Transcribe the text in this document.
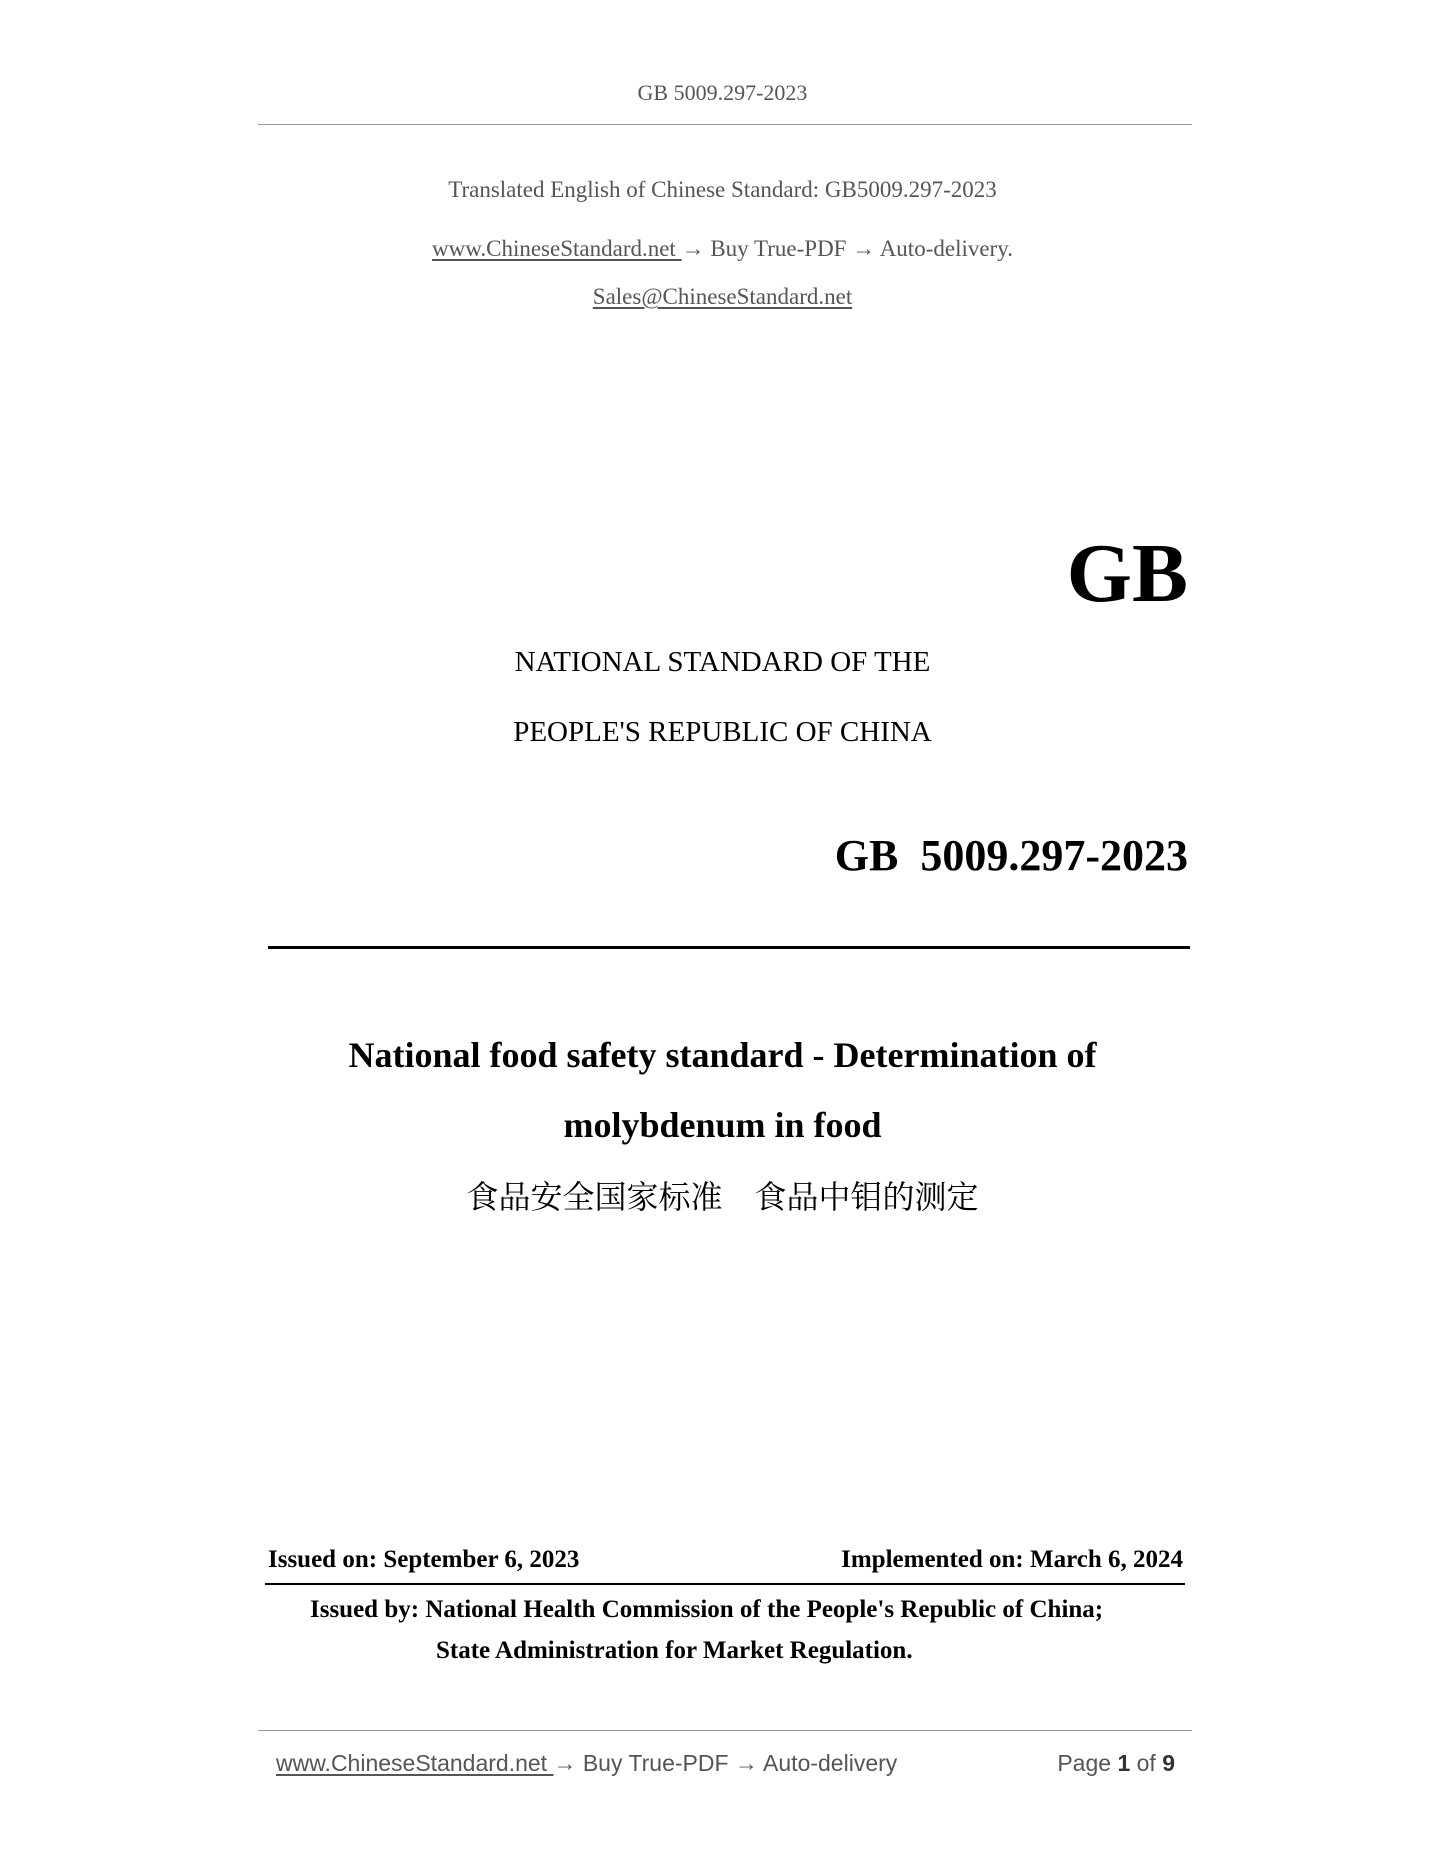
GB 5009.297-2023
Translated English of Chinese Standard: GB5009.297-2023
www.ChineseStandard.net → Buy True-PDF → Auto-delivery.
Sales@ChineseStandard.net
GB
NATIONAL STANDARD OF THE
PEOPLE'S REPUBLIC OF CHINA
GB  5009.297-2023
National food safety standard - Determination of
molybdenum in food
食品安全国家标准　食品中钼的测定
Issued on: September 6, 2023	Implemented on: March 6, 2024
Issued by: National Health Commission of the People's Republic of China;
State Administration for Market Regulation.
www.ChineseStandard.net → Buy True-PDF → Auto-delivery	Page 1 of 9
